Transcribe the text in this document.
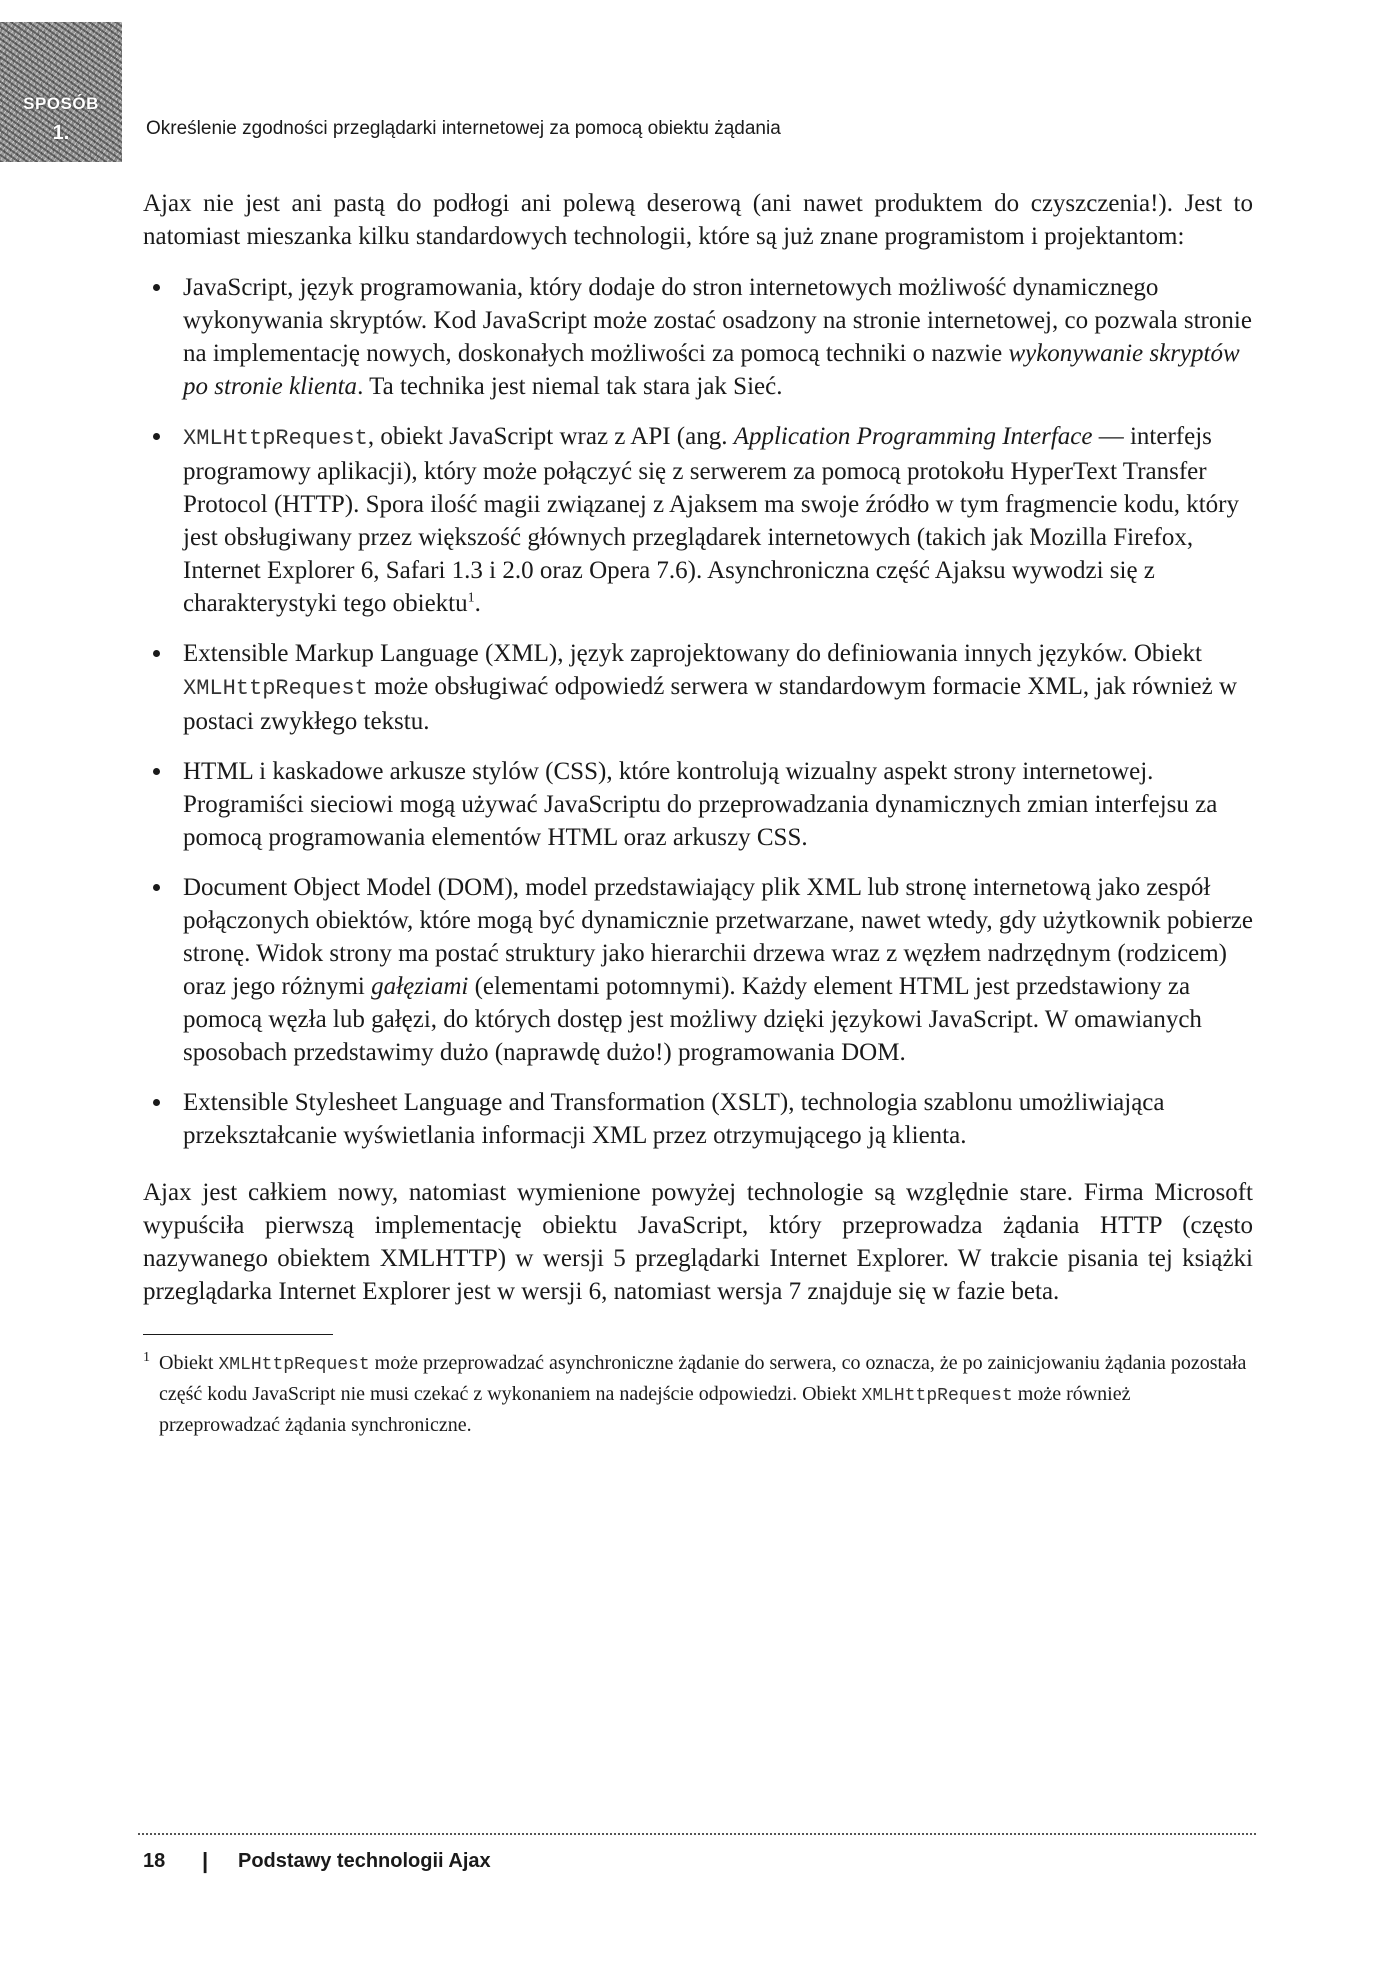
SPOSÓB
1.	Określenie zgodności przeglądarki internetowej za pomocą obiektu żądania

Ajax nie jest ani pastą do podłogi ani polewą deserową (ani nawet produktem do czyszczenia!). Jest to natomiast mieszanka kilku standardowych technologii, które są już znane programistom i projektantom:

JavaScript, język programowania, który dodaje do stron internetowych możliwość dynamicznego wykonywania skryptów. Kod JavaScript może zostać osadzony na stronie internetowej, co pozwala stronie na implementację nowych, doskonałych możliwości za pomocą techniki o nazwie wykonywanie skryptów po stronie klienta. Ta technika jest niemal tak stara jak Sieć.
XMLHttpRequest, obiekt JavaScript wraz z API (ang. Application Programming Interface — interfejs programowy aplikacji), który może połączyć się z serwerem za pomocą protokołu HyperText Transfer Protocol (HTTP). Spora ilość magii związanej z Ajaksem ma swoje źródło w tym fragmencie kodu, który jest obsługiwany przez większość głównych przeglądarek internetowych (takich jak Mozilla Firefox, Internet Explorer 6, Safari 1.3 i 2.0 oraz Opera 7.6). Asynchroniczna część Ajaksu wywodzi się z charakterystyki tego obiektu$^1$.
Extensible Markup Language (XML), język zaprojektowany do definiowania innych języków. Obiekt XMLHttpRequest może obsługiwać odpowiedź serwera w standardowym formacie XML, jak również w postaci zwykłego tekstu.
HTML i kaskadowe arkusze stylów (CSS), które kontrolują wizualny aspekt strony internetowej. Programiści sieciowi mogą używać JavaScriptu do przeprowadzania dynamicznych zmian interfejsu za pomocą programowania elementów HTML oraz arkuszy CSS.
Document Object Model (DOM), model przedstawiający plik XML lub stronę internetową jako zespół połączonych obiektów, które mogą być dynamicznie przetwarzane, nawet wtedy, gdy użytkownik pobierze stronę. Widok strony ma postać struktury jako hierarchii drzewa wraz z węzłem nadrzędnym (rodzicem) oraz jego różnymi gałęziami (elementami potomnymi). Każdy element HTML jest przedstawiony za pomocą węzła lub gałęzi, do których dostęp jest możliwy dzięki językowi JavaScript. W omawianych sposobach przedstawimy dużo (naprawdę dużo!) programowania DOM.
Extensible Stylesheet Language and Transformation (XSLT), technologia szablonu umożliwiająca przekształcanie wyświetlania informacji XML przez otrzymującego ją klienta.

Ajax jest całkiem nowy, natomiast wymienione powyżej technologie są względnie stare. Firma Microsoft wypuściła pierwszą implementację obiektu JavaScript, który przeprowadza żądania HTTP (często nazywanego obiektem XMLHTTP) w wersji 5 przeglądarki Internet Explorer. W trakcie pisania tej książki przeglądarka Internet Explorer jest w wersji 6, natomiast wersja 7 znajduje się w fazie beta.

1 Obiekt XMLHttpRequest może przeprowadzać asynchroniczne żądanie do serwera, co oznacza, że po zainicjowaniu żądania pozostała część kodu JavaScript nie musi czekać z wykonaniem na nadejście odpowiedzi. Obiekt XMLHttpRequest może również przeprowadzać żądania synchroniczne.
18 | Podstawy technologii Ajax
